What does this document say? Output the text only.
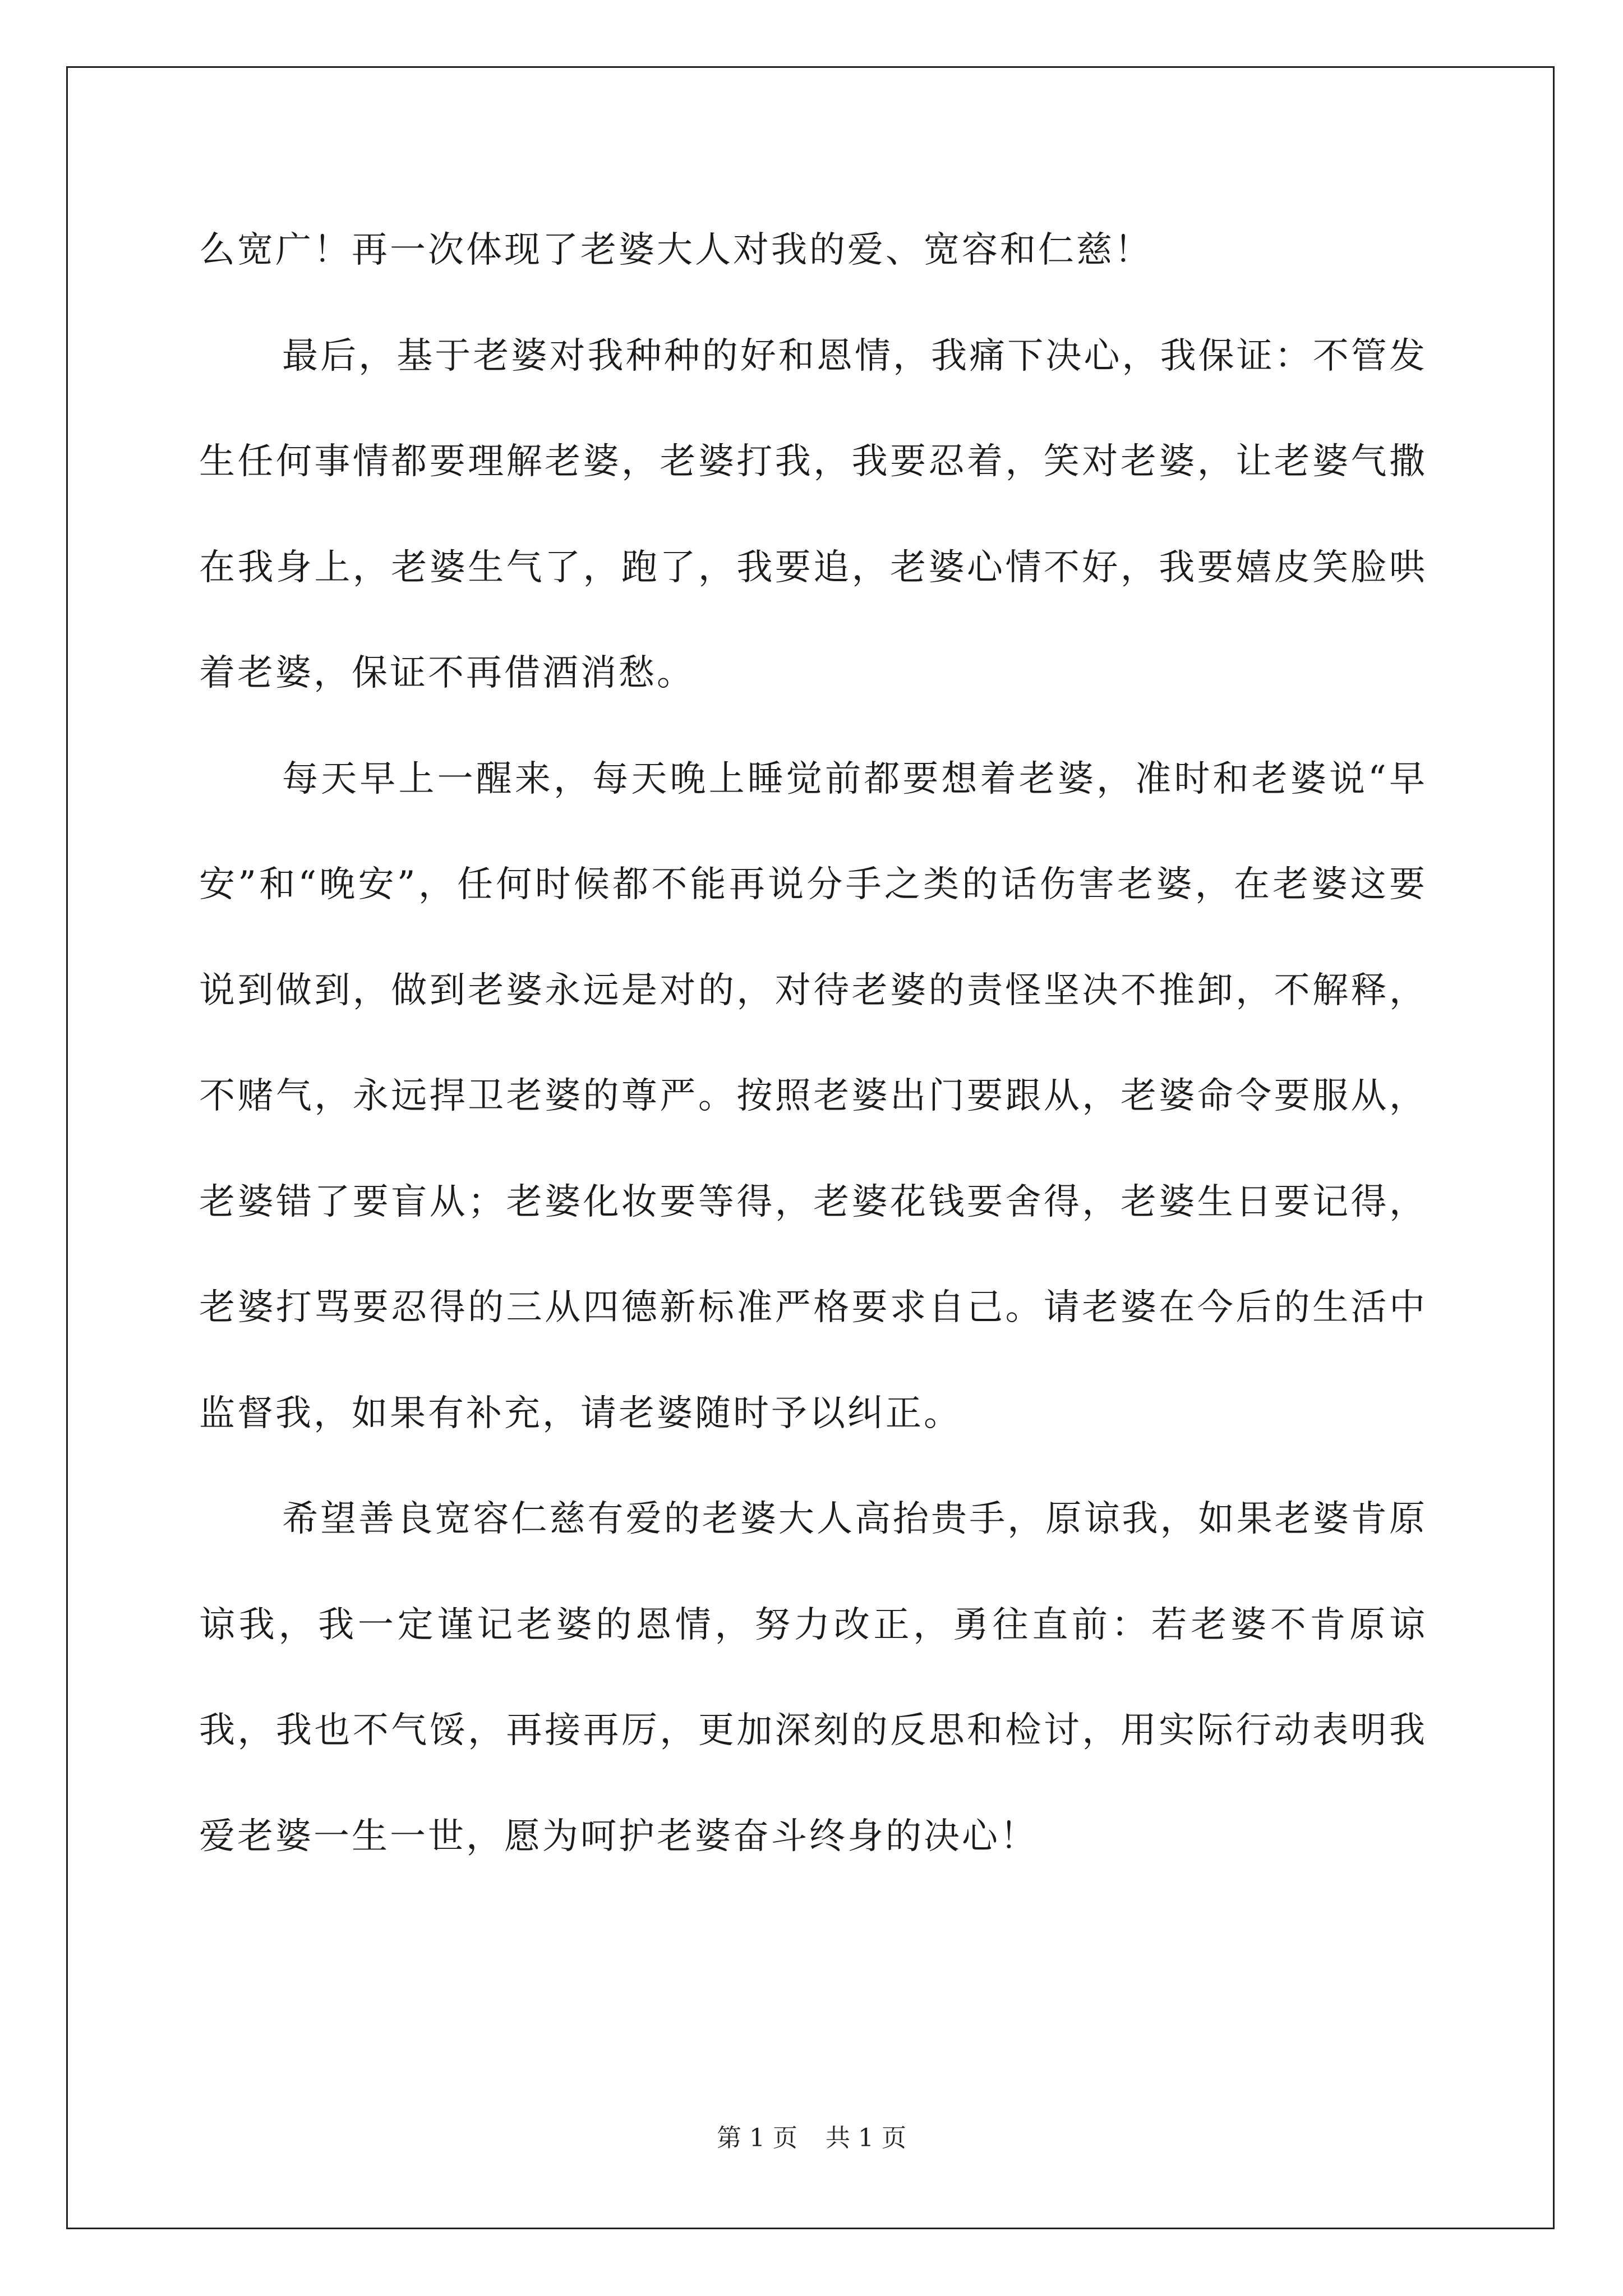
么宽广！再一次体现了老婆大人对我的爱、宽容和仁慈！

最后，基于老婆对我种种的好和恩情，我痛下决心，我保证：不管发生任何事情都要理解老婆，老婆打我，我要忍着，笑对老婆，让老婆气撒在我身上，老婆生气了，跑了，我要追，老婆心情不好，我要嬉皮笑脸哄着老婆，保证不再借酒消愁。

每天早上一醒来，每天晚上睡觉前都要想着老婆，准时和老婆说“早安”和“晚安”，任何时候都不能再说分手之类的话伤害老婆，在老婆这要说到做到，做到老婆永远是对的，对待老婆的责怪坚决不推卸，不解释，不赌气，永远捍卫老婆的尊严。按照老婆出门要跟从，老婆命令要服从，老婆错了要盲从；老婆化妆要等得，老婆花钱要舍得，老婆生日要记得，老婆打骂要忍得的三从四德新标准严格要求自己。请老婆在今后的生活中监督我，如果有补充，请老婆随时予以纠正。

希望善良宽容仁慈有爱的老婆大人高抬贵手，原谅我，如果老婆肯原谅我，我一定谨记老婆的恩情，努力改正，勇往直前：若老婆不肯原谅我，我也不气馁，再接再厉，更加深刻的反思和检讨，用实际行动表明我爱老婆一生一世，愿为呵护老婆奋斗终身的决心！

第 1 页 共 1 页
